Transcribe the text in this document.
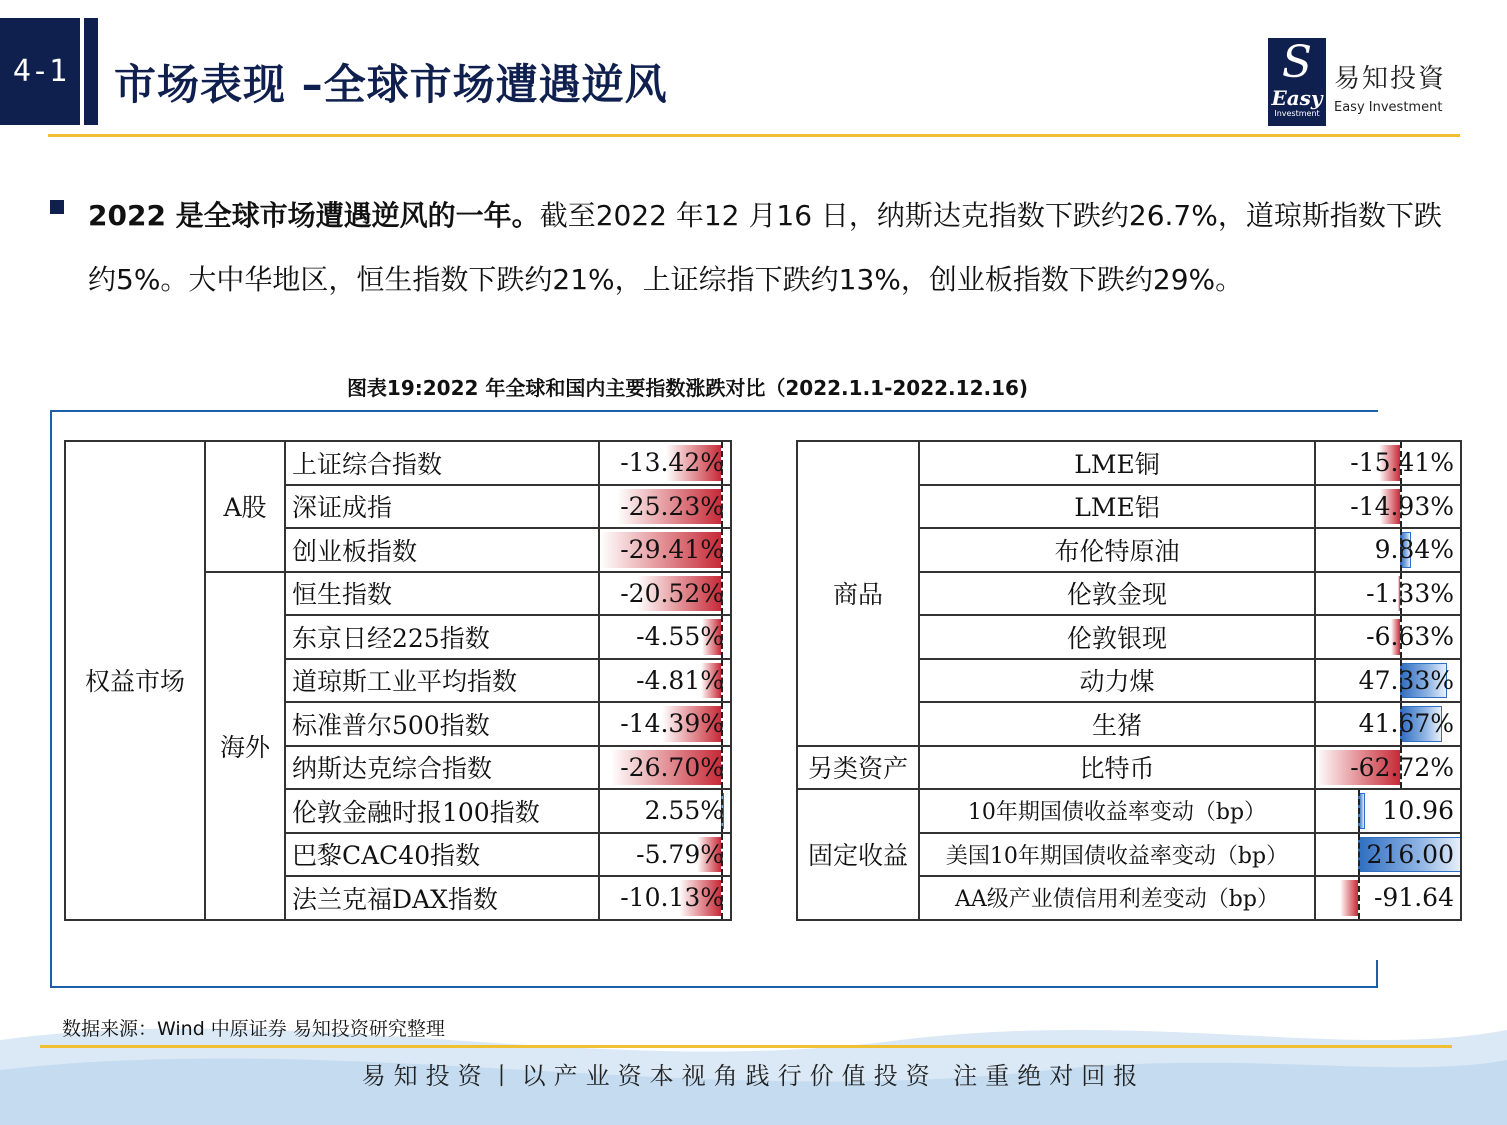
4-1	市场表现 –全球市场遭遇逆风	S
Easy
Investment
易知投資
Easy Investment
2022 是全球市场遭遇逆风的一年。截至2022 年12 月16 日，纳斯达克指数下跌约26.7%，道琼斯指数下跌约5%。大中华地区，恒生指数下跌约21%，上证综指下跌约13%，创业板指数下跌约29%。
图表19:2022 年全球和国内主要指数涨跌对比（2022.1.1-2022.12.16)
权益市场	A股	上证综合指数	-13.42%
		深证成指	-25.23%
		创业板指数	-29.41%
	海外	恒生指数	-20.52%
		东京日经225指数	-4.55%
		道琼斯工业平均指数	-4.81%
		标准普尔500指数	-14.39%
		纳斯达克综合指数	-26.70%
		伦敦金融时报100指数	2.55%
		巴黎CAC40指数	-5.79%
		法兰克福DAX指数	-10.13%
商品	LME铜	-15.41%
	LME铝	-14.93%
	布伦特原油	9.84%
	伦敦金现	-1.33%
	伦敦银现	-6.63%
	动力煤	47.33%
	生猪	41.67%
另类资产	比特币	-62.72%
固定收益	10年期国债收益率变动（bp）	10.96
	美国10年期国债收益率变动（bp）	216.00
	AA级产业债信用利差变动（bp）	-91.64
数据来源：Wind 中原证券 易知投资研究整理
易知投资丨以产业资本视角践行价值投资 注重绝对回报
